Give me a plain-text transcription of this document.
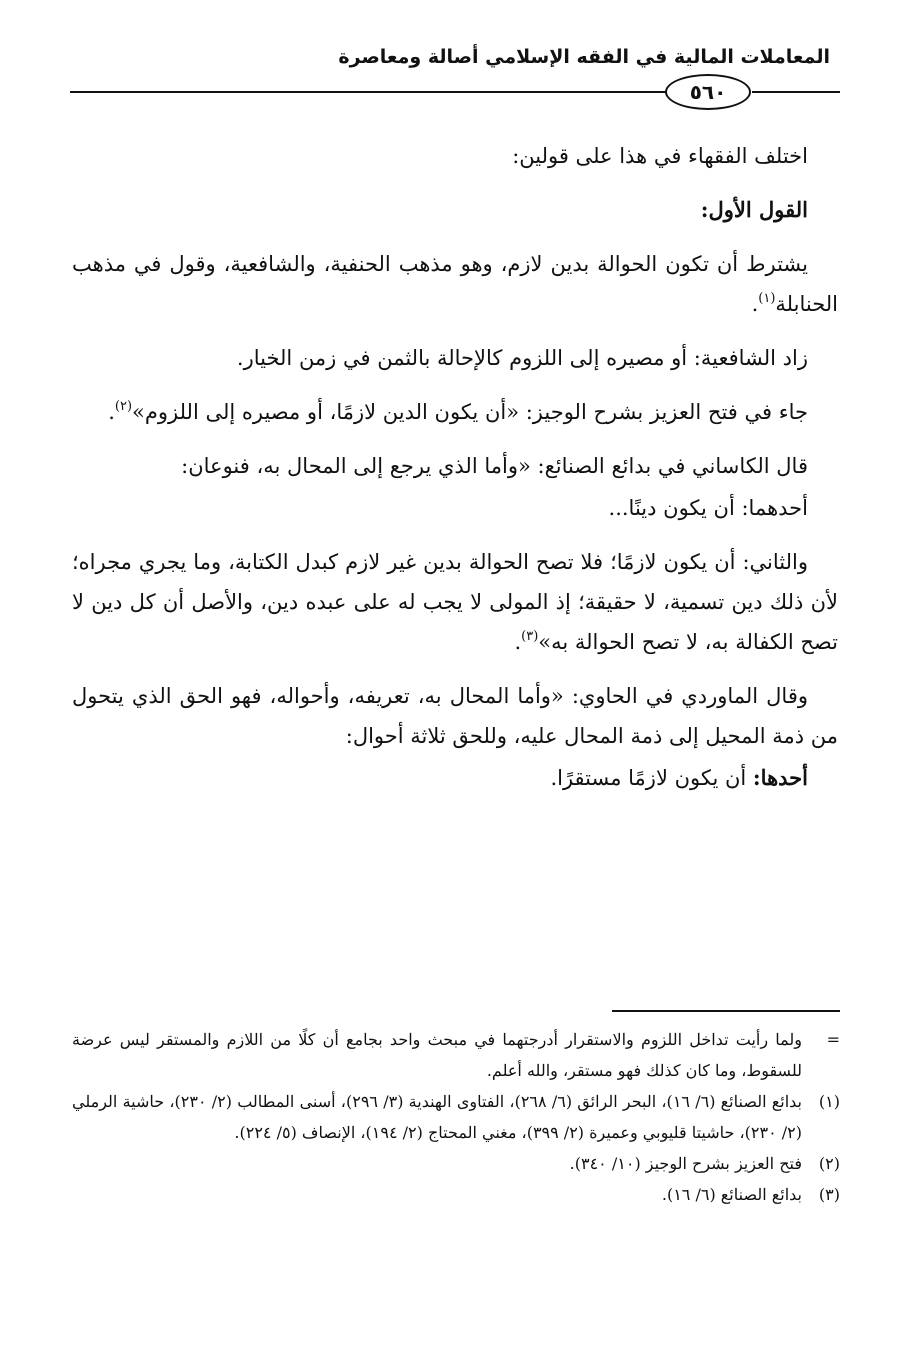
المعاملات المالية في الفقه الإسلامي أصالة ومعاصرة
٥٦٠

اختلف الفقهاء في هذا على قولين:

القول الأول:

يشترط أن تكون الحوالة بدين لازم، وهو مذهب الحنفية، والشافعية، وقول في مذهب الحنابلة$^{(١)}$.

زاد الشافعية: أو مصيره إلى اللزوم كالإحالة بالثمن في زمن الخيار.

جاء في فتح العزيز بشرح الوجيز: «أن يكون الدين لازمًا، أو مصيره إلى اللزوم»$^{(٢)}$.

قال الكاساني في بدائع الصنائع: «وأما الذي يرجع إلى المحال به، فنوعان:

أحدهما: أن يكون دينًا...

والثاني: أن يكون لازمًا؛ فلا تصح الحوالة بدين غير لازم كبدل الكتابة، وما يجري مجراه؛ لأن ذلك دين تسمية، لا حقيقة؛ إذ المولى لا يجب له على عبده دين، والأصل أن كل دين لا تصح الكفالة به، لا تصح الحوالة به»$^{(٣)}$.

وقال الماوردي في الحاوي: «وأما المحال به، تعريفه، وأحواله، فهو الحق الذي يتحول من ذمة المحيل إلى ذمة المحال عليه، وللحق ثلاثة أحوال:

أحدها: أن يكون لازمًا مستقرًا.

=
ولما رأيت تداخل اللزوم والاستقرار أدرجتهما في مبحث واحد بجامع أن كلًا من اللازم والمستقر ليس عرضة للسقوط، وما كان كذلك فهو مستقر، والله أعلم.
(١)
بدائع الصنائع (٦/ ١٦)، البحر الرائق (٦/ ٢٦٨)، الفتاوى الهندية (٣/ ٢٩٦)، أسنى المطالب (٢/ ٢٣٠)، حاشية الرملي (٢/ ٢٣٠)، حاشيتا قليوبي وعميرة (٢/ ٣٩٩)، مغني المحتاج (٢/ ١٩٤)، الإنصاف (٥/ ٢٢٤).
(٢)
فتح العزيز بشرح الوجيز (١٠/ ٣٤٠).
(٣)
بدائع الصنائع (٦/ ١٦).
